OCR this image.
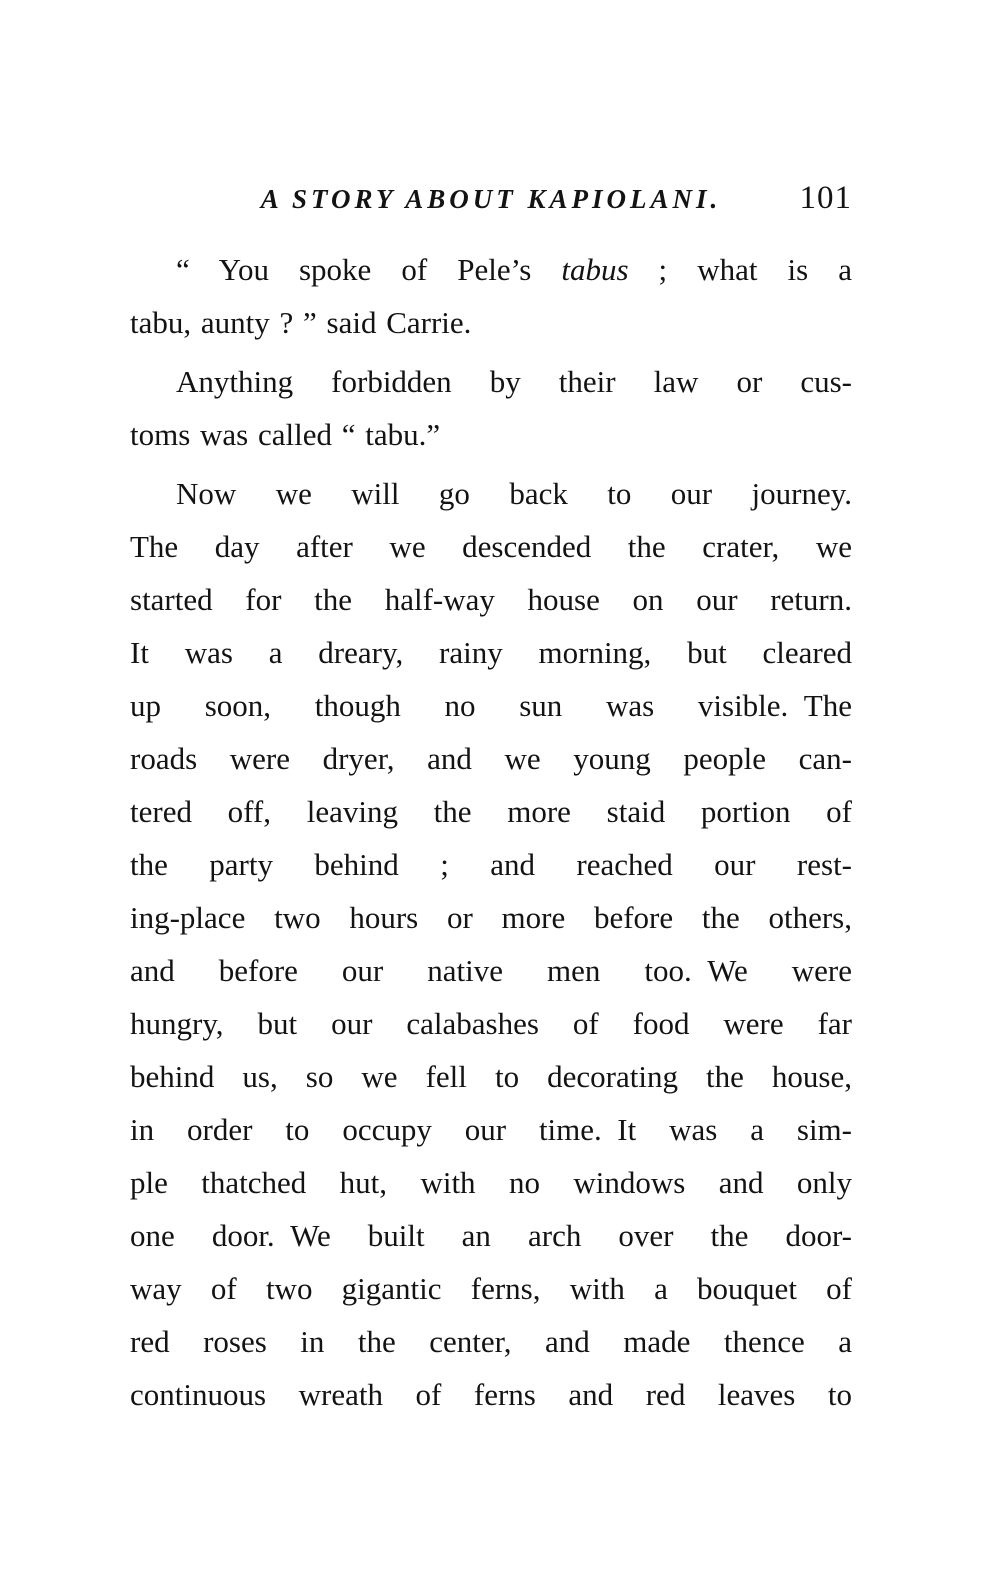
A STORY ABOUT KAPIOLANI.	101
“ You spoke of Pele’s tabus ; what is a
tabu, aunty ? ” said Carrie.
Anything forbidden by their law or cus-
toms was called “ tabu.”
Now we will go back to our journey.
The day after we descended the crater, we
started for the half-way house on our return.
It was a dreary, rainy morning, but cleared
up soon, though no sun was visible. The
roads were dryer, and we young people can-
tered off, leaving the more staid portion of
the party behind ; and reached our rest-
ing-place two hours or more before the others,
and before our native men too. We were
hungry, but our calabashes of food were far
behind us, so we fell to decorating the house,
in order to occupy our time. It was a sim-
ple thatched hut, with no windows and only
one door. We built an arch over the door-
way of two gigantic ferns, with a bouquet of
red roses in the center, and made thence a
continuous wreath of ferns and red leaves to
